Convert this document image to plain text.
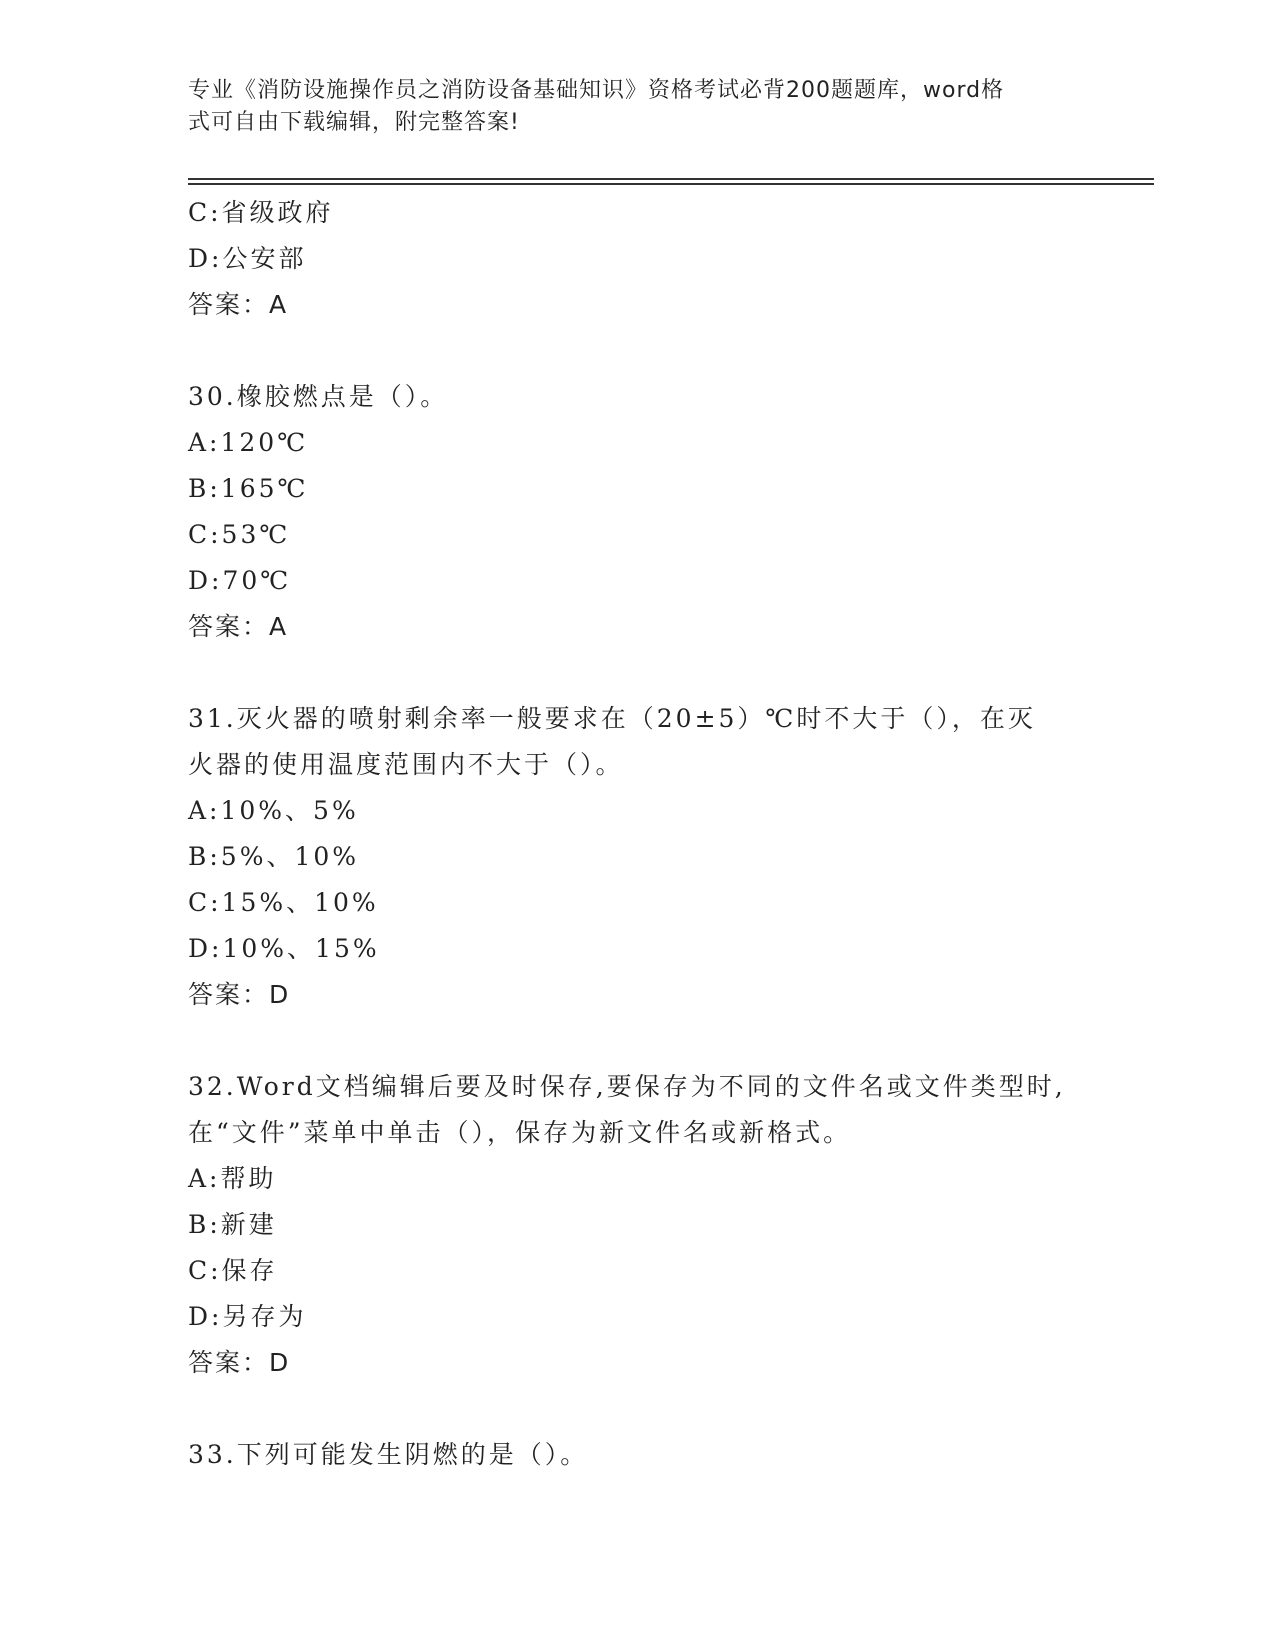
专业《消防设施操作员之消防设备基础知识》资格考试必背200题题库，word格
式可自由下载编辑，附完整答案!
C:省级政府
D:公安部
答案：A
30.橡胶燃点是（）。
A:120℃
B:165℃
C:53℃
D:70℃
答案：A
31.灭火器的喷射剩余率一般要求在（20±5）℃时不大于（），在灭
火器的使用温度范围内不大于（）。
A:10%、5%
B:5%、10%
C:15%、10%
D:10%、15%
答案：D
32.Word文档编辑后要及时保存,要保存为不同的文件名或文件类型时,
在“文件”菜单中单击（），保存为新文件名或新格式。
A:帮助
B:新建
C:保存
D:另存为
答案：D
33.下列可能发生阴燃的是（）。
